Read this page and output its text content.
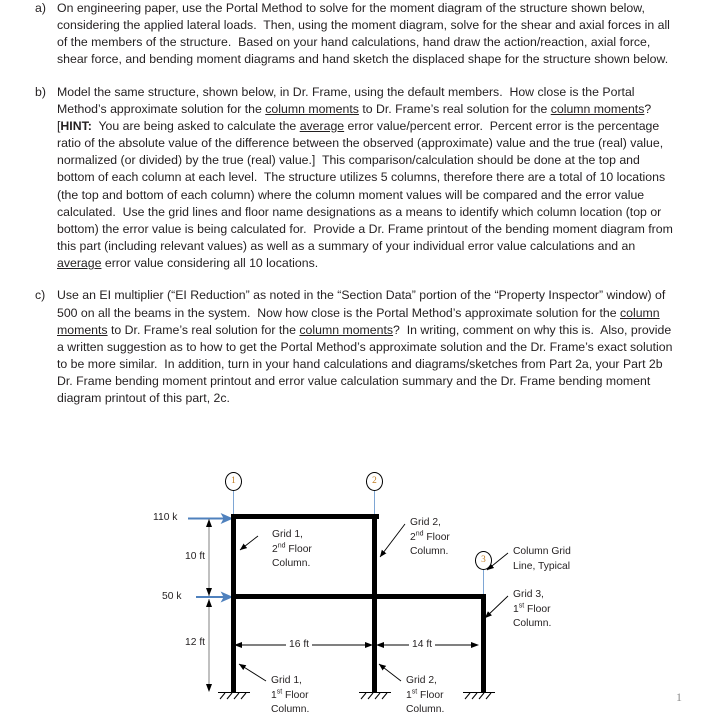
a) On engineering paper, use the Portal Method to solve for the moment diagram of the structure shown below, considering the applied lateral loads.  Then, using the moment diagram, solve for the shear and axial forces in all of the members of the structure.  Based on your hand calculations, hand draw the action/reaction, axial force, shear force, and bending moment diagrams and hand sketch the displaced shape for the structure shown below.
b) Model the same structure, shown below, in Dr. Frame, using the default members.  How close is the Portal Method’s approximate solution for the column moments to Dr. Frame’s real solution for the column moments?  [HINT:  You are being asked to calculate the average error value/percent error.  Percent error is the percentage ratio of the absolute value of the difference between the observed (approximate) value and the true (real) value, normalized (or divided) by the true (real) value.]  This comparison/calculation should be done at the top and bottom of each column at each level.  The structure utilizes 5 columns, therefore there are a total of 10 locations (the top and bottom of each column) where the column moment values will be compared and the error value calculated.  Use the grid lines and floor name designations as a means to identify which column location (top or bottom) the error value is being calculated for.  Provide a Dr. Frame printout of the bending moment diagram from this part (including relevant values) as well as a summary of your individual error value calculations and an average error value considering all 10 locations.
c) Use an EI multiplier (“EI Reduction” as noted in the “Section Data” portion of the “Property Inspector” window) of 500 on all the beams in the system.  Now how close is the Portal Method’s approximate solution for the column moments to Dr. Frame’s real solution for the column moments?  In writing, comment on why this is.  Also, provide a written suggestion as to how to get the Portal Method’s approximate solution and the Dr. Frame’s exact solution to be more similar.  In addition, turn in your hand calculations and diagrams/sketches from Part 2a, your Part 2b Dr. Frame bending moment printout and error value calculation summary and the Dr. Frame bending moment diagram printout of this part, 2c.
1	2
3
110 k
50 k
10 ft
12 ft	16 ft	14 ft
Grid 1,
2nd Floor
Column.
Grid 2,
2nd Floor
Column.	Column Grid
Line, Typical
Grid 3,
1st Floor
Column.
Grid 1,
1st Floor
Column.
Grid 2,
1st Floor
Column.
1
